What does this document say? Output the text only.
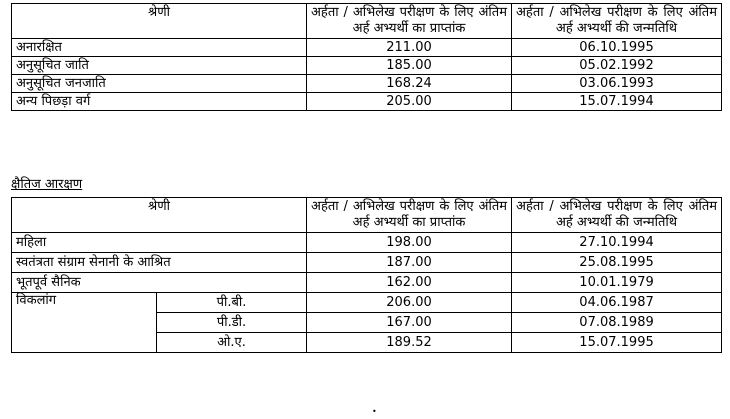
श्रेणी	अर्हता / अभिलेख परीक्षण के लिए अंतिम अर्ह अभ्यर्थी का प्राप्तांक	अर्हता / अभिलेख परीक्षण के लिए अंतिम अर्ह अभ्यर्थी की जन्मतिथि
अनारक्षित	211.00	06.10.1995
अनुसूचित जाति	185.00	05.02.1992
अनुसूचित जनजाति	168.24	03.06.1993
अन्य पिछड़ा वर्ग	205.00	15.07.1994

क्षैतिज आरक्षण

श्रेणी		अर्हता / अभिलेख परीक्षण के लिए अंतिम अर्ह अभ्यर्थी का प्राप्तांक	अर्हता / अभिलेख परीक्षण के लिए अंतिम अर्ह अभ्यर्थी की जन्मतिथि
महिला		198.00	27.10.1994
स्वतंत्रता संग्राम सेनानी के आश्रित		187.00	25.08.1995
भूतपूर्व सैनिक		162.00	10.01.1979
विकलांग	पी.बी.	206.00	04.06.1987
	पी.डी.	167.00	07.08.1989
	ओ.ए.	189.52	15.07.1995
•
